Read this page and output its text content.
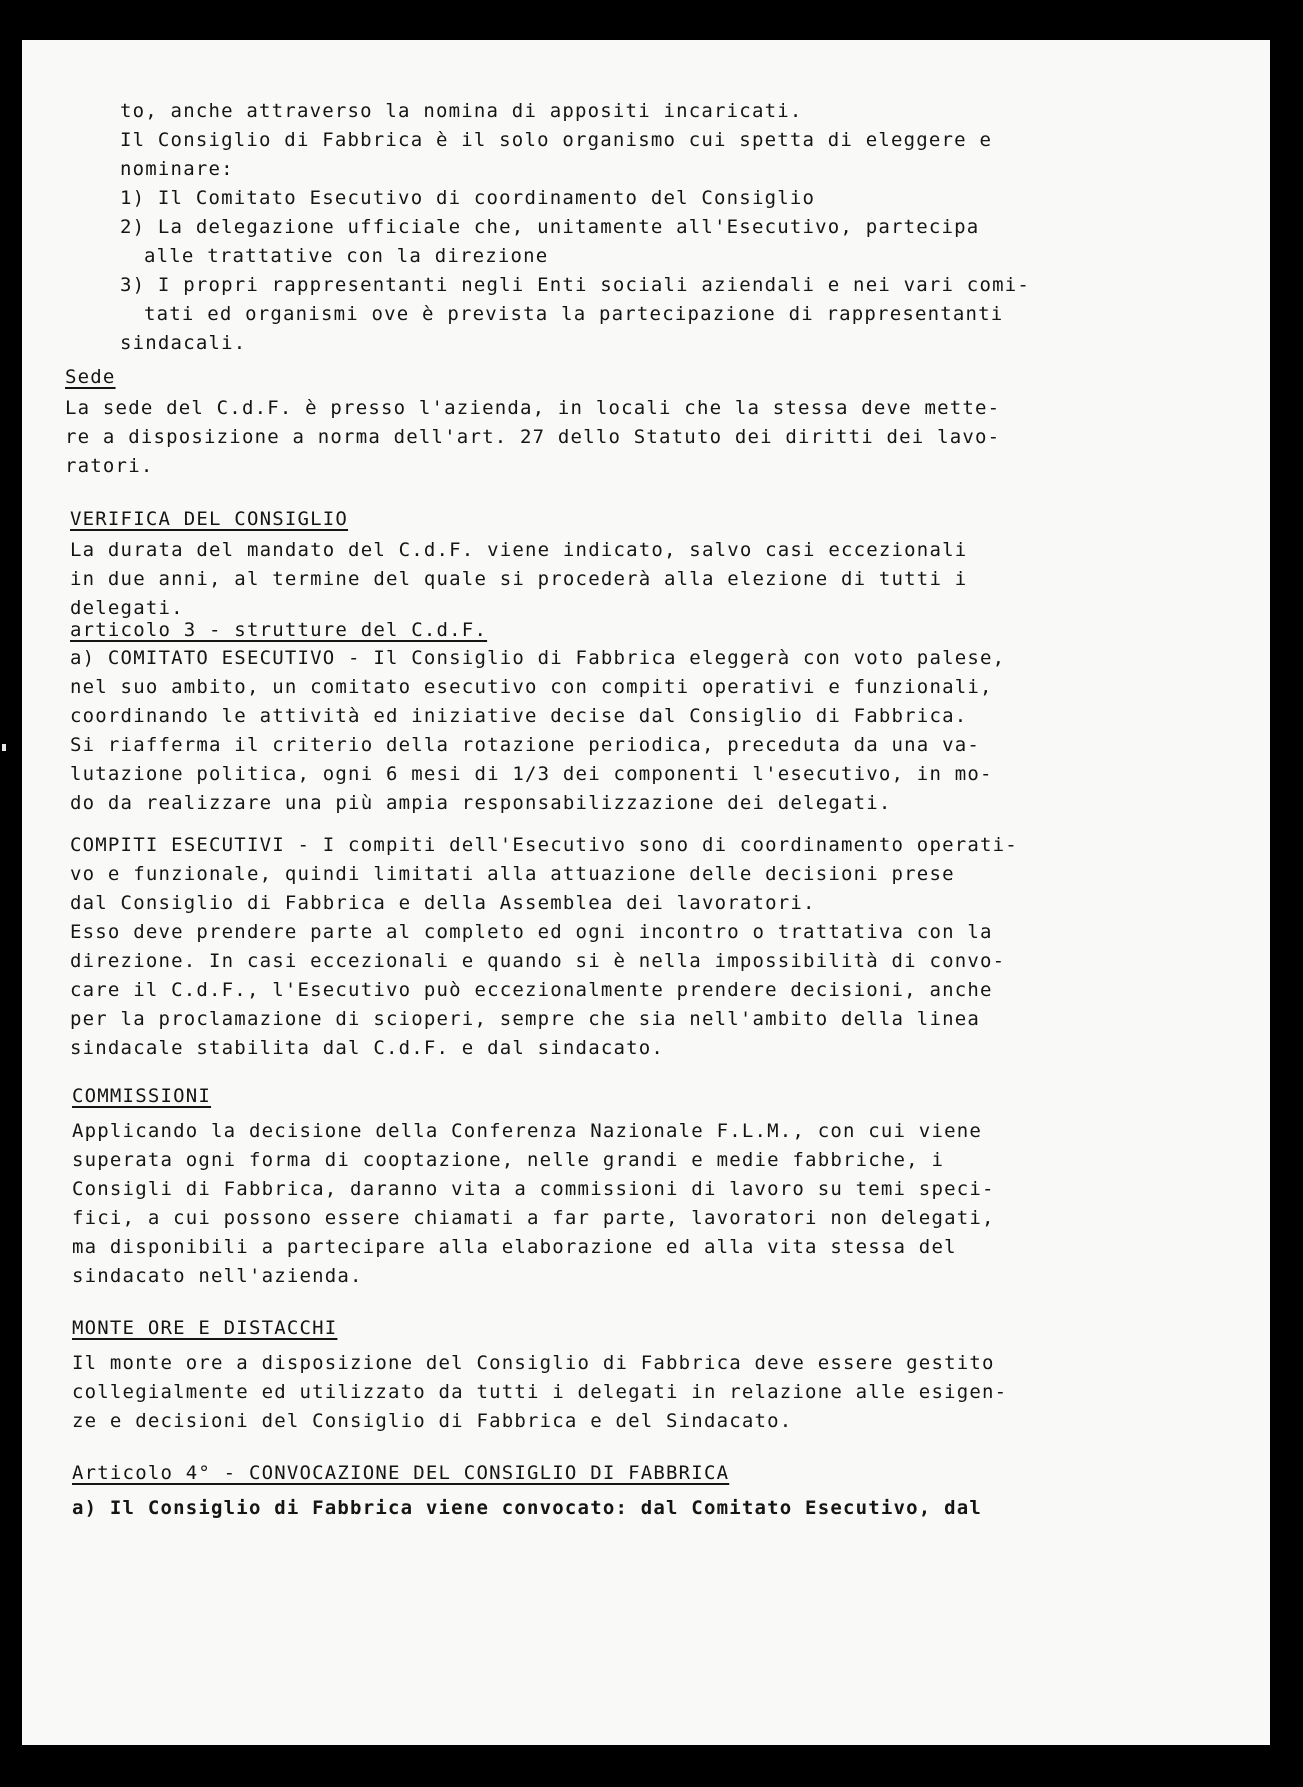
to, anche attraverso la nomina di appositi incaricati.

Il Consiglio di Fabbrica è il solo organismo cui spetta di eleggere e

nominare:

1) Il Comitato Esecutivo di coordinamento del Consiglio

2) La delegazione ufficiale che, unitamente all'Esecutivo, partecipa

alle trattative con la direzione

3) I propri rappresentanti negli Enti sociali aziendali e nei vari comi-

tati ed organismi ove è prevista la partecipazione di rappresentanti

sindacali.

Sede

La sede del C.d.F. è presso l'azienda, in locali che la stessa deve mette-

re a disposizione a norma dell'art. 27 dello Statuto dei diritti dei lavo-

ratori.

VERIFICA DEL CONSIGLIO

La durata del mandato del C.d.F. viene indicato, salvo casi eccezionali

in due anni, al termine del quale si procederà alla elezione di tutti i

delegati.

articolo 3 - strutture del C.d.F.

a) COMITATO ESECUTIVO - Il Consiglio di Fabbrica eleggerà con voto palese,

nel suo ambito, un comitato esecutivo con compiti operativi e funzionali,

coordinando le attività ed iniziative decise dal Consiglio di Fabbrica.

Si riafferma il criterio della rotazione periodica, preceduta da una va-

lutazione politica, ogni 6 mesi di 1/3 dei componenti l'esecutivo, in mo-

do da realizzare una più ampia responsabilizzazione dei delegati.

COMPITI ESECUTIVI - I compiti dell'Esecutivo sono di coordinamento operati-

vo e funzionale, quindi limitati alla attuazione delle decisioni prese

dal Consiglio di Fabbrica e della Assemblea dei lavoratori.

Esso deve prendere parte al completo ed ogni incontro o trattativa con la

direzione. In casi eccezionali e quando si è nella impossibilità di convo-

care il C.d.F., l'Esecutivo può eccezionalmente prendere decisioni, anche

per la proclamazione di scioperi, sempre che sia nell'ambito della linea

sindacale stabilita dal C.d.F. e dal sindacato.

COMMISSIONI

Applicando la decisione della Conferenza Nazionale F.L.M., con cui viene

superata ogni forma di cooptazione, nelle grandi e medie fabbriche, i

Consigli di Fabbrica, daranno vita a commissioni di lavoro su temi speci-

fici, a cui possono essere chiamati a far parte, lavoratori non delegati,

ma disponibili a partecipare alla elaborazione ed alla vita stessa del

sindacato nell'azienda.

MONTE ORE E DISTACCHI

Il monte ore a disposizione del Consiglio di Fabbrica deve essere gestito

collegialmente ed utilizzato da tutti i delegati in relazione alle esigen-

ze e decisioni del Consiglio di Fabbrica e del Sindacato.

Articolo 4° - CONVOCAZIONE DEL CONSIGLIO DI FABBRICA

a) Il Consiglio di Fabbrica viene convocato: dal Comitato Esecutivo, dal
